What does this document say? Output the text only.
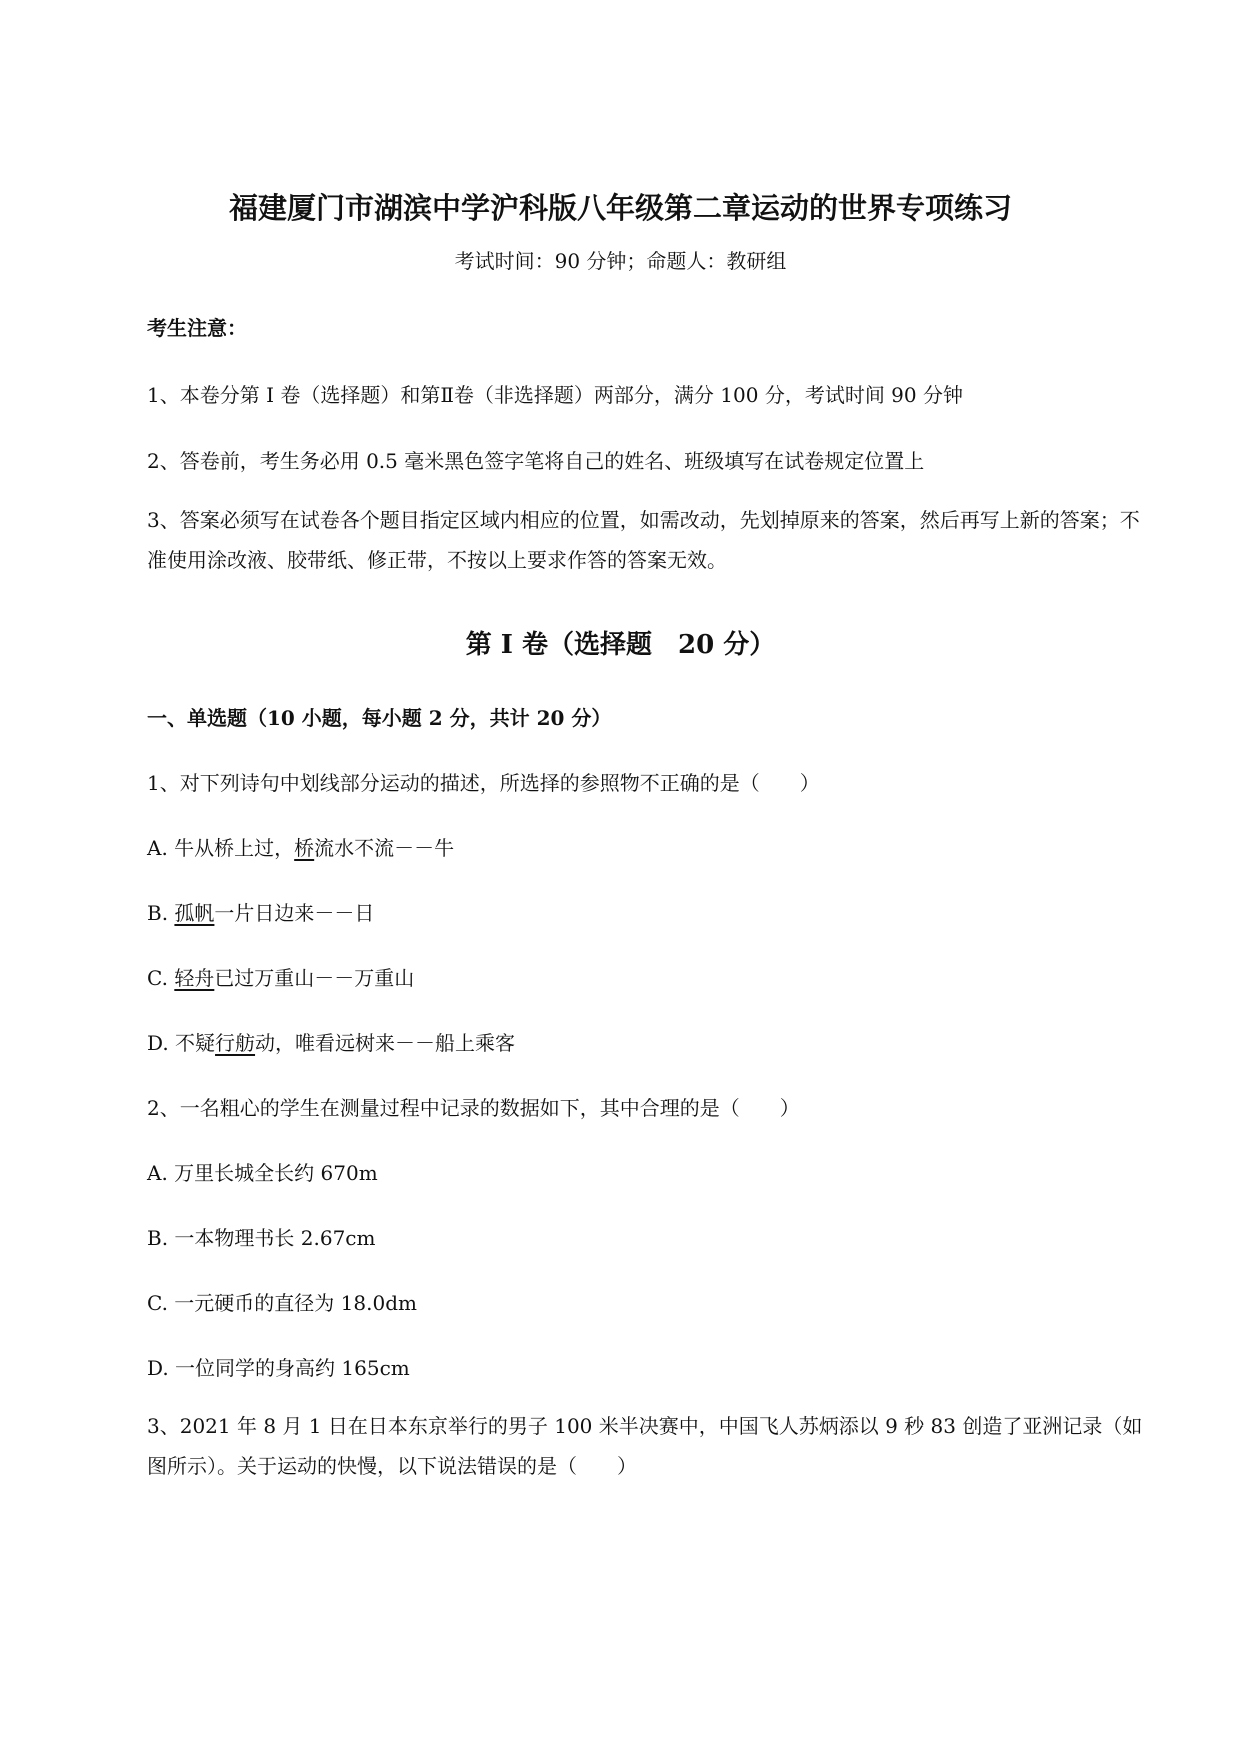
福建厦门市湖滨中学沪科版八年级第二章运动的世界专项练习
考试时间：90 分钟；命题人：教研组
考生注意：
1、本卷分第 I 卷（选择题）和第Ⅱ卷（非选择题）两部分，满分 100 分，考试时间 90 分钟
2、答卷前，考生务必用 0.5 毫米黑色签字笔将自己的姓名、班级填写在试卷规定位置上
3、答案必须写在试卷各个题目指定区域内相应的位置，如需改动，先划掉原来的答案，然后再写上新的答案；不准使用涂改液、胶带纸、修正带，不按以上要求作答的答案无效。
第 I 卷（选择题　20 分）
一、单选题（10 小题，每小题 2 分，共计 20 分）
1、对下列诗句中划线部分运动的描述，所选择的参照物不正确的是（　　）
A. 牛从桥上过，桥流水不流－－牛
B. 孤帆一片日边来－－日
C. 轻舟已过万重山－－万重山
D. 不疑行舫动，唯看远树来－－船上乘客
2、一名粗心的学生在测量过程中记录的数据如下，其中合理的是（　　）
A. 万里长城全长约 670m
B. 一本物理书长 2.67cm
C. 一元硬币的直径为 18.0dm
D. 一位同学的身高约 165cm
3、2021 年 8 月 1 日在日本东京举行的男子 100 米半决赛中，中国飞人苏炳添以 9 秒 83 创造了亚洲记录（如图所示）。关于运动的快慢，以下说法错误的是（　　）
